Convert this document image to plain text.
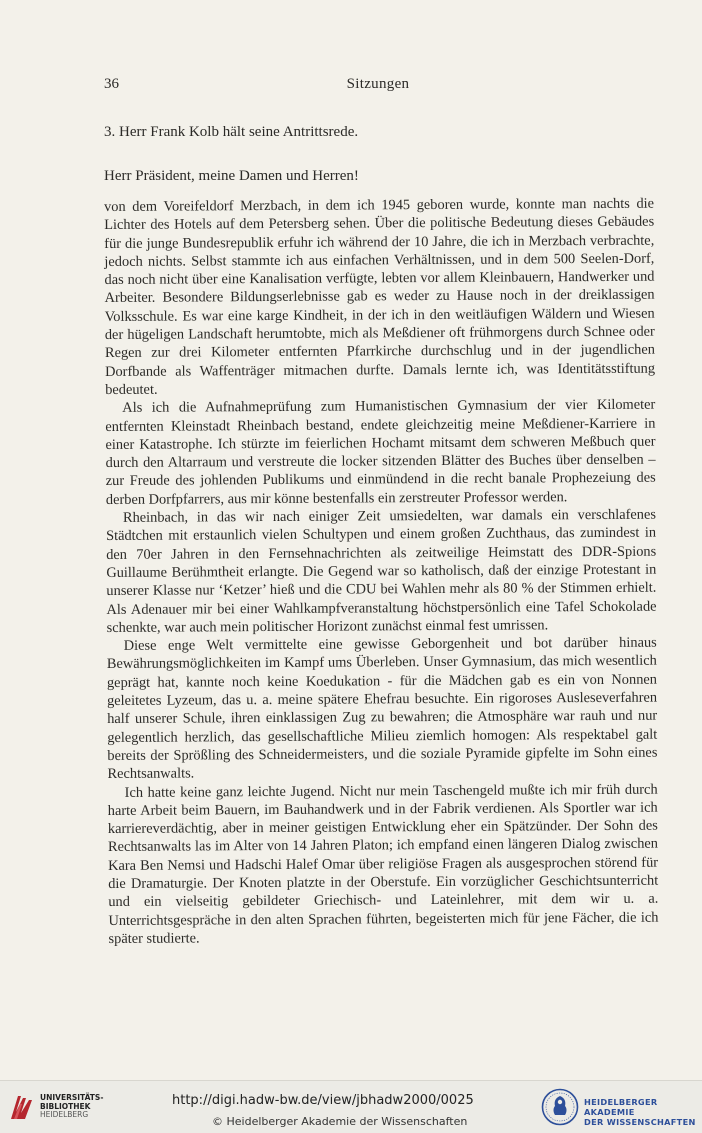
36	Sitzungen
3. Herr Frank Kolb hält seine Antrittsrede.
Herr Präsident, meine Damen und Herren!

von dem Voreifeldorf Merzbach, in dem ich 1945 geboren wurde, konnte man nachts die Lichter des Hotels auf dem Petersberg sehen. Über die politische Bedeutung dieses Gebäudes für die junge Bundesrepublik erfuhr ich während der 10 Jahre, die ich in Merzbach verbrachte, jedoch nichts. Selbst stammte ich aus einfachen Verhältnissen, und in dem 500 Seelen-Dorf, das noch nicht über eine Kanalisation verfügte, lebten vor allem Kleinbauern, Handwerker und Arbeiter. Besondere Bildungserlebnisse gab es weder zu Hause noch in der dreiklassigen Volksschule. Es war eine karge Kindheit, in der ich in den weitläufigen Wäldern und Wiesen der hügeligen Landschaft herumtobte, mich als Meßdiener oft frühmorgens durch Schnee oder Regen zur drei Kilometer entfernten Pfarrkirche durchschlug und in der jugendlichen Dorfbande als Waffenträger mitmachen durfte. Damals lernte ich, was Identitätsstiftung bedeutet.

Als ich die Aufnahmeprüfung zum Humanistischen Gymnasium der vier Kilometer entfernten Kleinstadt Rheinbach bestand, endete gleichzeitig meine Meßdiener-Karriere in einer Katastrophe. Ich stürzte im feierlichen Hochamt mitsamt dem schweren Meßbuch quer durch den Altarraum und verstreute die locker sitzenden Blätter des Buches über denselben – zur Freude des johlenden Publikums und einmündend in die recht banale Prophezeiung des derben Dorfpfarrers, aus mir könne bestenfalls ein zerstreuter Professor werden.

Rheinbach, in das wir nach einiger Zeit umsiedelten, war damals ein verschlafenes Städtchen mit erstaunlich vielen Schultypen und einem großen Zuchthaus, das zumindest in den 70er Jahren in den Fernsehnachrichten als zeitweilige Heimstatt des DDR-Spions Guillaume Berühmtheit erlangte. Die Gegend war so katholisch, daß der einzige Protestant in unserer Klasse nur ‘Ketzer’ hieß und die CDU bei Wahlen mehr als 80 % der Stimmen erhielt. Als Adenauer mir bei einer Wahlkampfveranstaltung höchstpersönlich eine Tafel Schokolade schenkte, war auch mein politischer Horizont zunächst einmal fest umrissen.

Diese enge Welt vermittelte eine gewisse Geborgenheit und bot darüber hinaus Bewährungsmöglichkeiten im Kampf ums Überleben. Unser Gymnasium, das mich wesentlich geprägt hat, kannte noch keine Koedukation - für die Mädchen gab es ein von Nonnen geleitetes Lyzeum, das u. a. meine spätere Ehefrau besuchte. Ein rigoroses Ausleseverfahren half unserer Schule, ihren einklassigen Zug zu bewahren; die Atmosphäre war rauh und nur gelegentlich herzlich, das gesellschaftliche Milieu ziemlich homogen: Als respektabel galt bereits der Sprößling des Schneidermeisters, und die soziale Pyramide gipfelte im Sohn eines Rechtsanwalts.

Ich hatte keine ganz leichte Jugend. Nicht nur mein Taschengeld mußte ich mir früh durch harte Arbeit beim Bauern, im Bauhandwerk und in der Fabrik verdienen. Als Sportler war ich karriereverdächtig, aber in meiner geistigen Entwicklung eher ein Spätzünder. Der Sohn des Rechtsanwalts las im Alter von 14 Jahren Platon; ich empfand einen längeren Dialog zwischen Kara Ben Nemsi und Hadschi Halef Omar über religiöse Fragen als ausgesprochen störend für die Dramaturgie. Der Knoten platzte in der Oberstufe. Ein vorzüglicher Geschichtsunterricht und ein vielseitig gebildeter Griechisch- und Lateinlehrer, mit dem wir u. a. Unterrichtsgespräche in den alten Sprachen führten, begeisterten mich für jene Fächer, die ich später studierte.

UNIVERSITÄTS-
BIBLIOTHEK
HEIDELBERG
http://digi.hadw-bw.de/view/jbhadw2000/0025
© Heidelberger Akademie der Wissenschaften
HEIDELBERGER AKADEMIE
DER WISSENSCHAFTEN
